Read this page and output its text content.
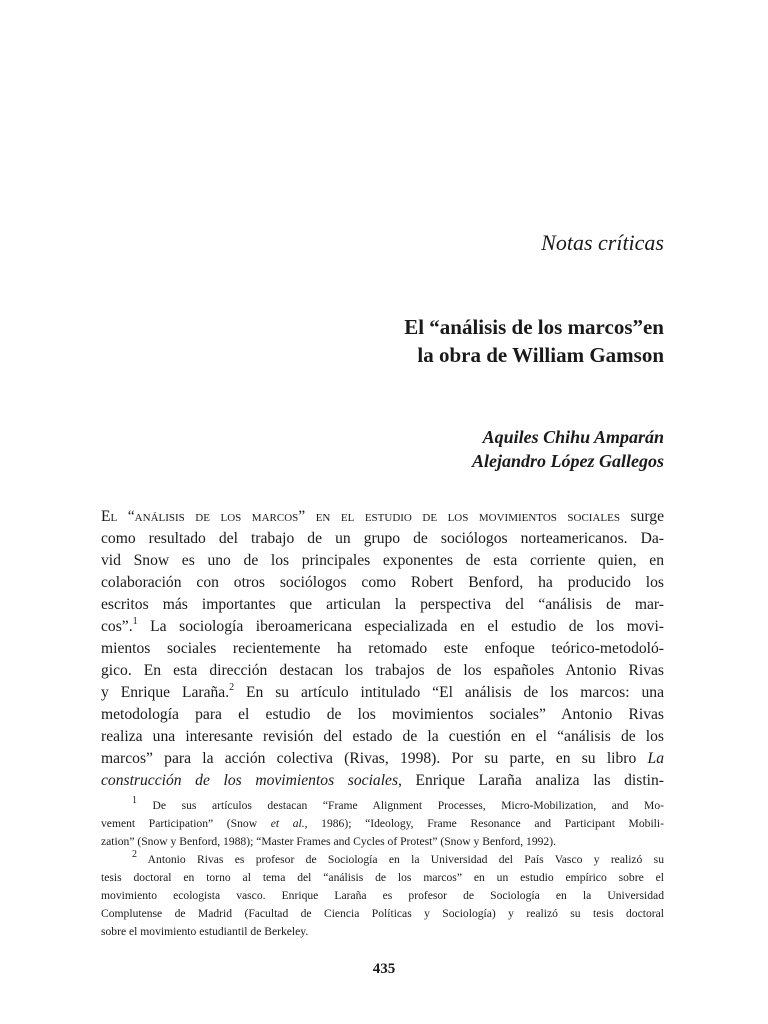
Notas críticas
El “análisis de los marcos”en
la obra de William Gamson
Aquiles Chihu Amparán
Alejandro López Gallegos
El “análisis de los marcos” en el estudio de los movimientos sociales surge
como resultado del trabajo de un grupo de sociólogos norteamericanos. Da-
vid Snow es uno de los principales exponentes de esta corriente quien, en
colaboración con otros sociólogos como Robert Benford, ha producido los
escritos más importantes que articulan la perspectiva del “análisis de mar-
cos”.$^1$ La sociología iberoamericana especializada en el estudio de los movi-
mientos sociales recientemente ha retomado este enfoque teórico-metodoló-
gico. En esta dirección destacan los trabajos de los españoles Antonio Rivas
y Enrique Laraña.$^2$ En su artículo intitulado “El análisis de los marcos: una
metodología para el estudio de los movimientos sociales” Antonio Rivas
realiza una interesante revisión del estado de la cuestión en el “análisis de los
marcos” para la acción colectiva (Rivas, 1998). Por su parte, en su libro La
construcción de los movimientos sociales, Enrique Laraña analiza las distin-
$^1$ De sus artículos destacan “Frame Alignment Processes, Micro-Mobilization, and Mo-
vement Participation” (Snow et al., 1986); “Ideology, Frame Resonance and Participant Mobili-
zation” (Snow y Benford, 1988); “Master Frames and Cycles of Protest” (Snow y Benford, 1992).
$^2$ Antonio Rivas es profesor de Sociología en la Universidad del País Vasco y realizó su
tesis doctoral en torno al tema del “análisis de los marcos” en un estudio empírico sobre el
movimiento ecologista vasco. Enrique Laraña es profesor de Sociología en la Universidad
Complutense de Madrid (Facultad de Ciencia Políticas y Sociología) y realizó su tesis doctoral
sobre el movimiento estudiantil de Berkeley.
435
